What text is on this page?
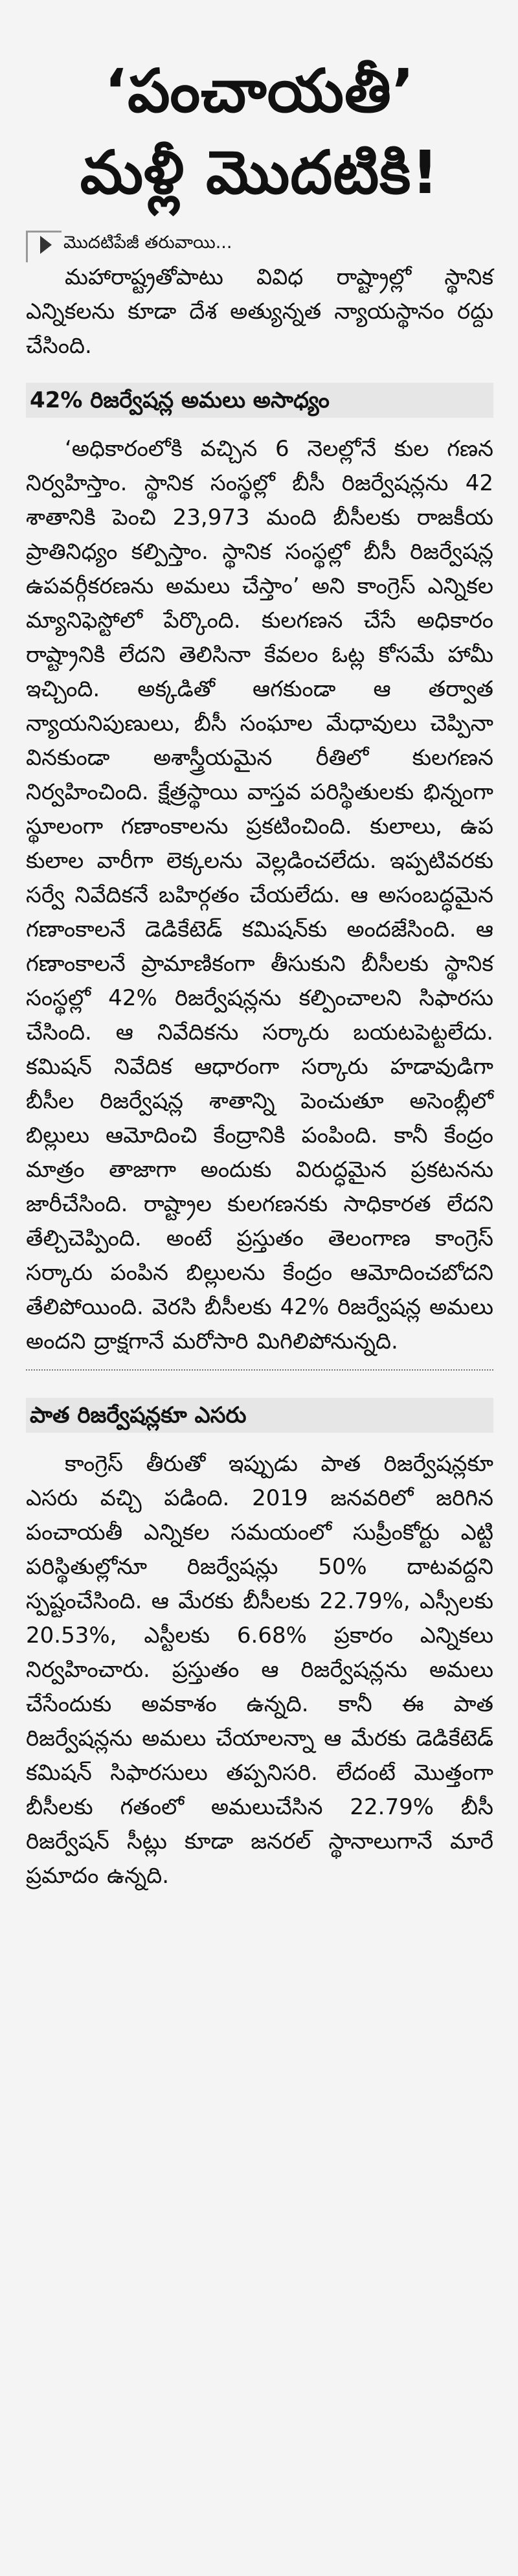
‘పంచాయతీ’
మళ్లీ మొదటికి!
మొదటిపేజీ తరువాయి...

మహారాష్ట్రతోపాటు వివిధ రాష్ట్రాల్లో స్థానిక ఎన్నికలను కూడా దేశ అత్యున్నత న్యాయస్థానం రద్దు చేసింది.

42% రిజర్వేషన్ల అమలు అసాధ్యం

‘అధికారంలోకి వచ్చిన 6 నెలల్లోనే కుల గణన నిర్వహిస్తాం. స్థానిక సంస్థల్లో బీసీ రిజర్వేషన్లను 42 శాతానికి పెంచి 23,973 మంది బీసీలకు రాజకీయ ప్రాతినిధ్యం కల్పిస్తాం. స్థానిక సంస్థల్లో బీసీ రిజర్వేషన్ల ఉపవర్గీకరణను అమలు చేస్తాం’ అని కాంగ్రెస్ ఎన్నికల మ్యానిఫెస్టోలో పేర్కొంది. కులగణన చేసే అధికారం రాష్ట్రానికి లేదని తెలిసినా కేవలం ఓట్ల కోసమే హామీ ఇచ్చింది. అక్కడితో ఆగకుండా ఆ తర్వాత న్యాయనిపుణులు, బీసీ సంఘాల మేధావులు చెప్పినా వినకుండా అశాస్త్రీయమైన రీతిలో కులగణన నిర్వహించింది. క్షేత్రస్థాయి వాస్తవ పరిస్థితులకు భిన్నంగా స్థూలంగా గణాంకాలను ప్రకటించింది. కులాలు, ఉప కులాల వారీగా లెక్కలను వెల్లడించలేదు. ఇప్పటివరకు సర్వే నివేదికనే బహిర్గతం చేయలేదు. ఆ అసంబద్ధమైన గణాంకాలనే డెడికేటెడ్ కమిషన్‌కు అందజేసింది. ఆ గణాంకాలనే ప్రామాణికంగా తీసుకుని బీసీలకు స్థానిక సంస్థల్లో 42% రిజర్వేషన్లను కల్పించాలని సిఫారసు చేసింది. ఆ నివేదికను సర్కారు బయటపెట్టలేదు. కమిషన్ నివేదిక ఆధారంగా సర్కారు హడావుడిగా బీసీల రిజర్వేషన్ల శాతాన్ని పెంచుతూ అసెంబ్లీలో బిల్లులు ఆమోదించి కేంద్రానికి పంపింది. కానీ కేంద్రం మాత్రం తాజాగా అందుకు విరుద్ధమైన ప్రకటనను జారీచేసింది. రాష్ట్రాల కులగణనకు సాధికారత లేదని తేల్చిచెప్పింది. అంటే ప్రస్తుతం తెలంగాణ కాంగ్రెస్ సర్కారు పంపిన బిల్లులను కేంద్రం ఆమోదించబోదని తేలిపోయింది. వెరసి బీసీలకు 42% రిజర్వేషన్ల అమలు అందని ద్రాక్షగానే మరోసారి మిగిలిపోనున్నది.

పాత రిజర్వేషన్లకూ ఎసరు

కాంగ్రెస్ తీరుతో ఇప్పుడు పాత రిజర్వేషన్లకూ ఎసరు వచ్చి పడింది. 2019 జనవరిలో జరిగిన పంచాయతీ ఎన్నికల సమయంలో సుప్రీంకోర్టు ఎట్టి పరిస్థితుల్లోనూ రిజర్వేషన్లు 50% దాటవద్దని స్పష్టంచేసింది. ఆ మేరకు బీసీలకు 22.79%, ఎస్సీలకు 20.53%, ఎస్టీలకు 6.68% ప్రకారం ఎన్నికలు నిర్వహించారు. ప్రస్తుతం ఆ రిజర్వేషన్లను అమలు చేసేందుకు అవకాశం ఉన్నది. కానీ ఈ పాత రిజర్వేషన్లను అమలు చేయాలన్నా ఆ మేరకు డెడికేటెడ్ కమిషన్ సిఫారసులు తప్పనిసరి. లేదంటే మొత్తంగా బీసీలకు గతంలో అమలుచేసిన 22.79% బీసీ రిజర్వేషన్ సీట్లు కూడా జనరల్ స్థానాలుగానే మారే ప్రమాదం ఉన్నది.
